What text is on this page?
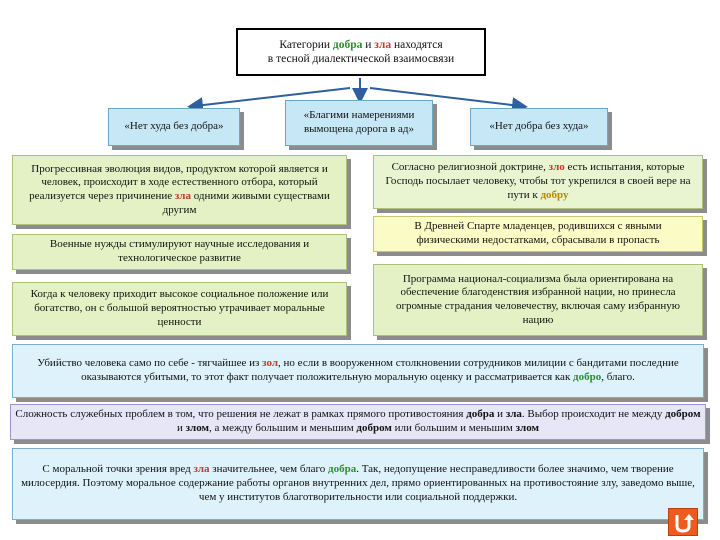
Категории добра и зла находятся
в тесной диалектической взаимосвязи
«Нет худа без добра»
«Благими намерениями
вымощена дорога в ад»	«Нет добра без худа»
Прогрессивная эволюция видов, продуктом которой является и человек, происходит в ходе естественного отбора, который реализуется через причинение зла одними живыми существами другим
Военные нужды стимулируют научные исследования и технологическое развитие
Когда к человеку приходит высокое социальное положение или богатство, он с большой вероятностью утрачивает моральные ценности
Согласно религиозной доктрине, зло есть испытания, которые Господь посылает человеку, чтобы тот укрепился в своей вере на пути к добру
В Древней Спарте младенцев, родившихся с явными физическими недостатками, сбрасывали в пропасть
Программа национал-социализма была ориентирована на обеспечение благоденствия избранной нации, но принесла огромные страдания человечеству, включая саму избранную нацию
Убийство человека само по себе - тягчайшее из зол, но если в вооруженном столкновении сотрудников милиции с бандитами последние оказываются убитыми, то этот факт получает положительную моральную оценку и рассматривается как добро, благо.
Сложность служебных проблем в том, что решения не лежат в рамках прямого противостояния добра и зла. Выбор происходит не между добром и злом, а между большим и меньшим добром или большим и меньшим злом
С моральной точки зрения вред зла значительнее, чем благо добра. Так, недопущение несправедливости более значимо, чем творение милосердия. Поэтому моральное содержание работы органов внутренних дел, прямо ориентированных на противостояние злу, заведомо выше, чем у институтов благотворительности или социальной поддержки.
